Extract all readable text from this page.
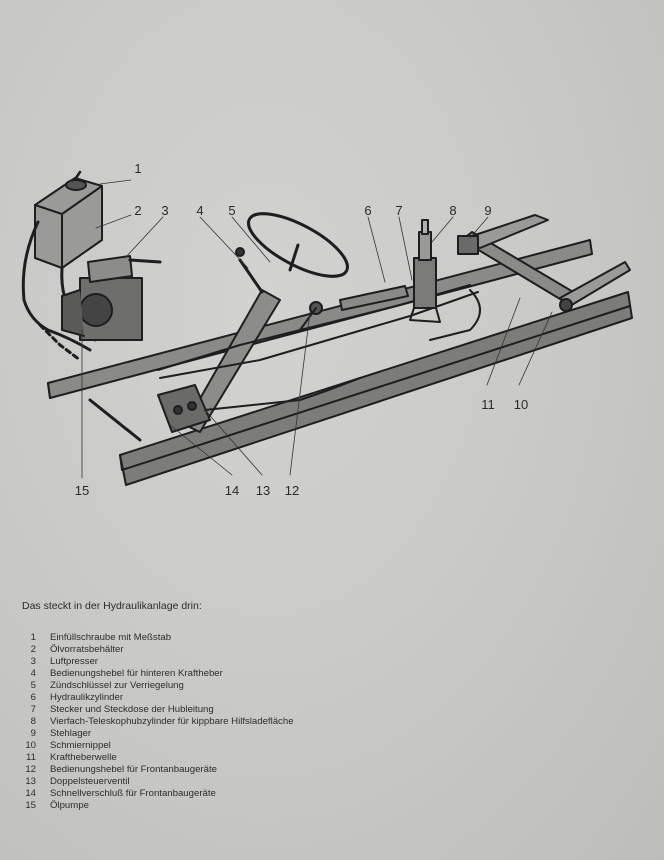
1
2	3	4	5	6	7	8	9
10
11
12
13
14
15
Das steckt in der Hydraulikanlage drin:
1 Einfüllschraube mit Meßstab
2 Ölvorratsbehälter
3 Luftpresser
4 Bedienungshebel für hinteren Kraftheber
5 Zündschlüssel zur Verriegelung
6 Hydraulikzylinder
7 Stecker und Steckdose der Hubleitung
8 Vierfach-Teleskophubzylinder für kippbare Hilfsladefläche
9 Stehlager
10 Schmiernippel
11 Kraftheberwelle
12 Bedienungshebel für Frontanbaugeräte
13 Doppelsteuerventil
14 Schnellverschluß für Frontanbaugeräte
15 Ölpumpe
